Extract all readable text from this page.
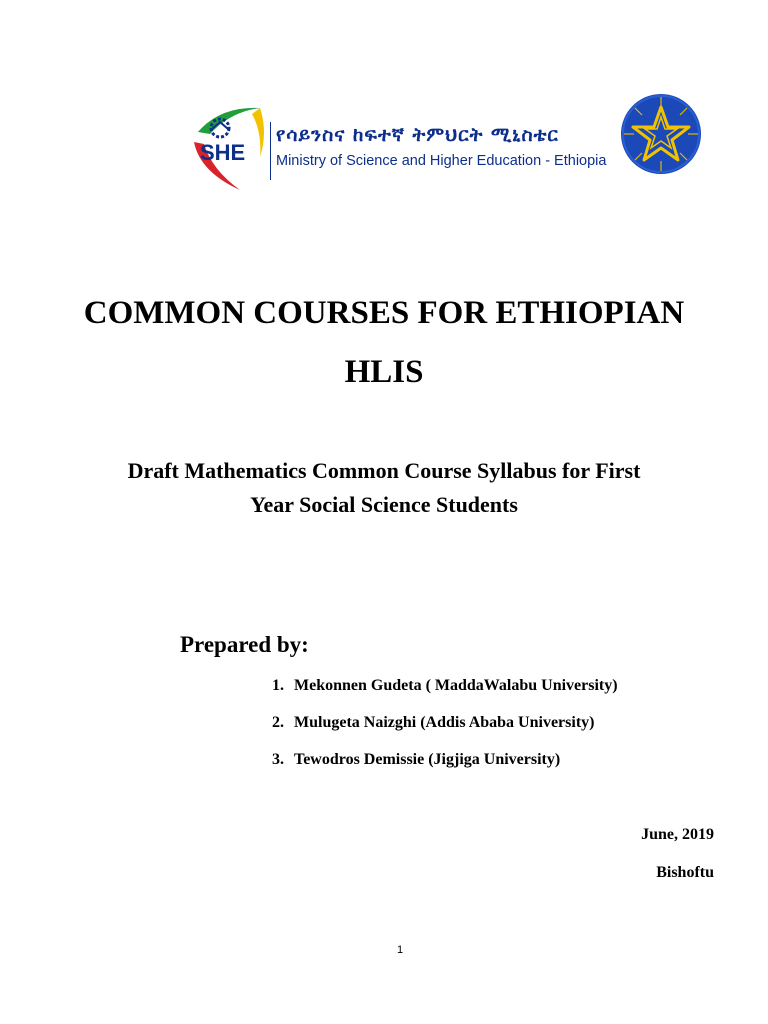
SHE
የሳይንስና ከፍተኛ ትምህርት ሚኒስቴር
Ministry of Science and Higher Education - Ethiopia
COMMON COURSES FOR ETHIOPIAN
HLIS
Draft Mathematics Common Course Syllabus for First
Year Social Science Students
Prepared by:
1. Mekonnen Gudeta ( MaddaWalabu University)
2. Mulugeta Naizghi (Addis Ababa University)
3. Tewodros Demissie (Jigjiga University)
June, 2019
Bishoftu
1
